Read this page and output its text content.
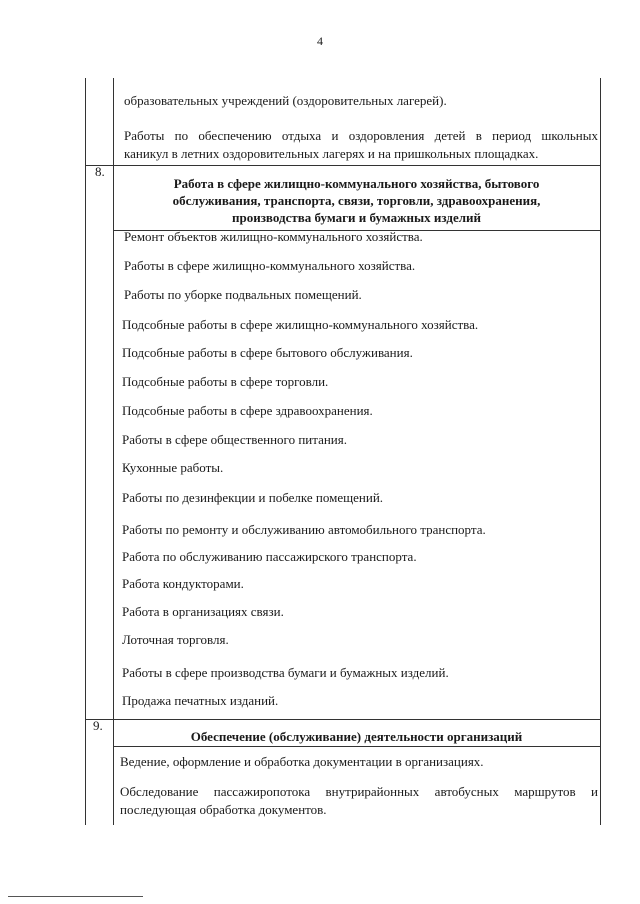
4
образовательных учреждений (оздоровительных лагерей).
Работы по обеспечению отдыха и оздоровления детей в период школьных
каникул в летних оздоровительных лагерях и на пришкольных площадках.
8.
Работа в сфере жилищно-коммунального хозяйства, бытового
обслуживания, транспорта, связи, торговли, здравоохранения,
производства бумаги и бумажных изделий
Ремонт объектов жилищно-коммунального хозяйства.
Работы в сфере жилищно-коммунального хозяйства.
Работы по уборке подвальных помещений.
Подсобные работы в сфере жилищно-коммунального хозяйства.
Подсобные работы в сфере бытового обслуживания.
Подсобные работы в сфере торговли.
Подсобные работы в сфере здравоохранения.
Работы в сфере общественного питания.
Кухонные работы.
Работы по дезинфекции и побелке помещений.
Работы по ремонту и обслуживанию автомобильного транспорта.
Работа по обслуживанию пассажирского транспорта.
Работа кондукторами.
Работа в организациях связи.
Лоточная торговля.
Работы в сфере производства бумаги и бумажных изделий.
Продажа печатных изданий.
9.
Обеспечение (обслуживание) деятельности организаций
Ведение, оформление и обработка документации в организациях.
Обследование пассажиропотока внутрирайонных автобусных маршрутов и
последующая обработка документов.
